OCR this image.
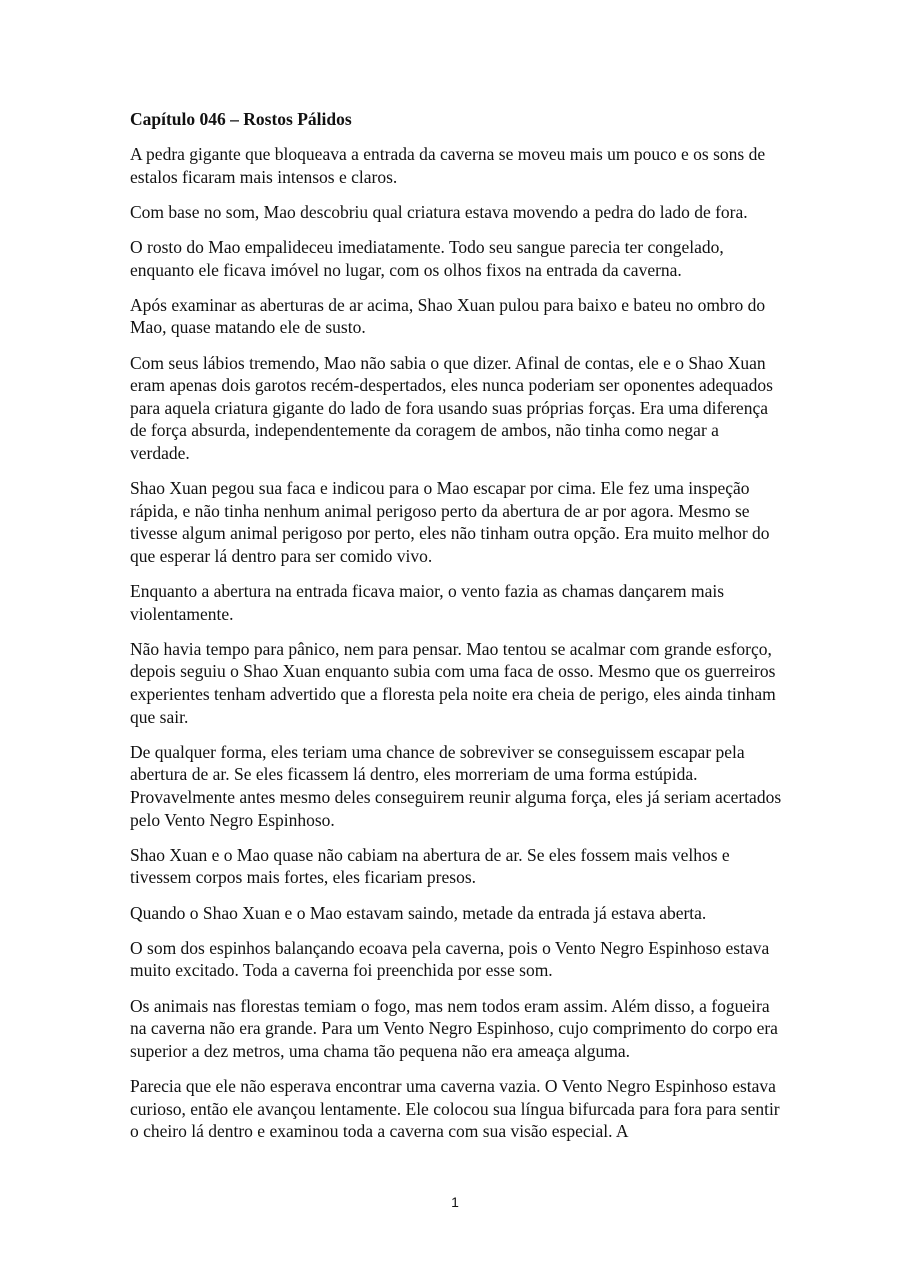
Capítulo 046 – Rostos Pálidos
A pedra gigante que bloqueava a entrada da caverna se moveu mais um pouco e os sons de estalos ficaram mais intensos e claros.
Com base no som, Mao descobriu qual criatura estava movendo a pedra do lado de fora.
O rosto do Mao empalideceu imediatamente. Todo seu sangue parecia ter congelado, enquanto ele ficava imóvel no lugar, com os olhos fixos na entrada da caverna.
Após examinar as aberturas de ar acima, Shao Xuan pulou para baixo e bateu no ombro do Mao, quase matando ele de susto.
Com seus lábios tremendo, Mao não sabia o que dizer. Afinal de contas, ele e o Shao Xuan eram apenas dois garotos recém-despertados, eles nunca poderiam ser oponentes adequados para aquela criatura gigante do lado de fora usando suas próprias forças. Era uma diferença de força absurda, independentemente da coragem de ambos, não tinha como negar a verdade.
Shao Xuan pegou sua faca e indicou para o Mao escapar por cima. Ele fez uma inspeção rápida, e não tinha nenhum animal perigoso perto da abertura de ar por agora. Mesmo se tivesse algum animal perigoso por perto, eles não tinham outra opção. Era muito melhor do que esperar lá dentro para ser comido vivo.
Enquanto a abertura na entrada ficava maior, o vento fazia as chamas dançarem mais violentamente.
Não havia tempo para pânico, nem para pensar. Mao tentou se acalmar com grande esforço, depois seguiu o Shao Xuan enquanto subia com uma faca de osso. Mesmo que os guerreiros experientes tenham advertido que a floresta pela noite era cheia de perigo, eles ainda tinham que sair.
De qualquer forma, eles teriam uma chance de sobreviver se conseguissem escapar pela abertura de ar. Se eles ficassem lá dentro, eles morreriam de uma forma estúpida. Provavelmente antes mesmo deles conseguirem reunir alguma força, eles já seriam acertados pelo Vento Negro Espinhoso.
Shao Xuan e o Mao quase não cabiam na abertura de ar. Se eles fossem mais velhos e tivessem corpos mais fortes, eles ficariam presos.
Quando o Shao Xuan e o Mao estavam saindo, metade da entrada já estava aberta.
O som dos espinhos balançando ecoava pela caverna, pois o Vento Negro Espinhoso estava muito excitado. Toda a caverna foi preenchida por esse som.
Os animais nas florestas temiam o fogo, mas nem todos eram assim. Além disso, a fogueira na caverna não era grande. Para um Vento Negro Espinhoso, cujo comprimento do corpo era superior a dez metros, uma chama tão pequena não era ameaça alguma.
Parecia que ele não esperava encontrar uma caverna vazia. O Vento Negro Espinhoso estava curioso, então ele avançou lentamente. Ele colocou sua língua bifurcada para fora para sentir o cheiro lá dentro e examinou toda a caverna com sua visão especial. A
1
